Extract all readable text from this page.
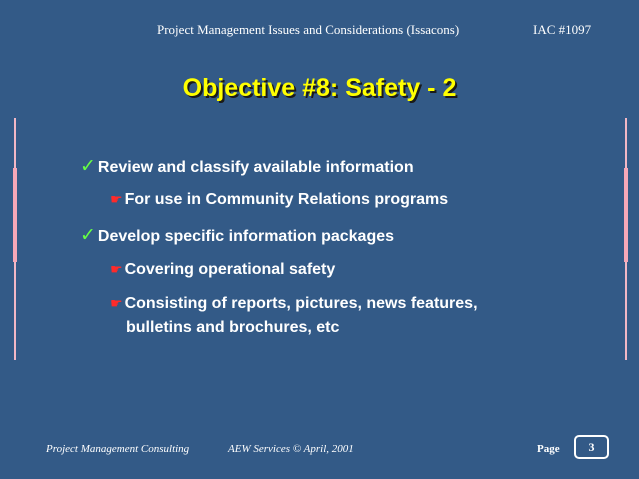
Project Management Issues and Considerations (Issacons)	IAC #1097
Objective #8: Safety - 2
✓ Review and classify available information
☛ For use in Community Relations programs
✓ Develop specific information packages
☛ Covering operational safety
☛ Consisting of reports, pictures, news features,
bulletins and brochures, etc
Project Management Consulting	AEW Services © April, 2001	Page	3
